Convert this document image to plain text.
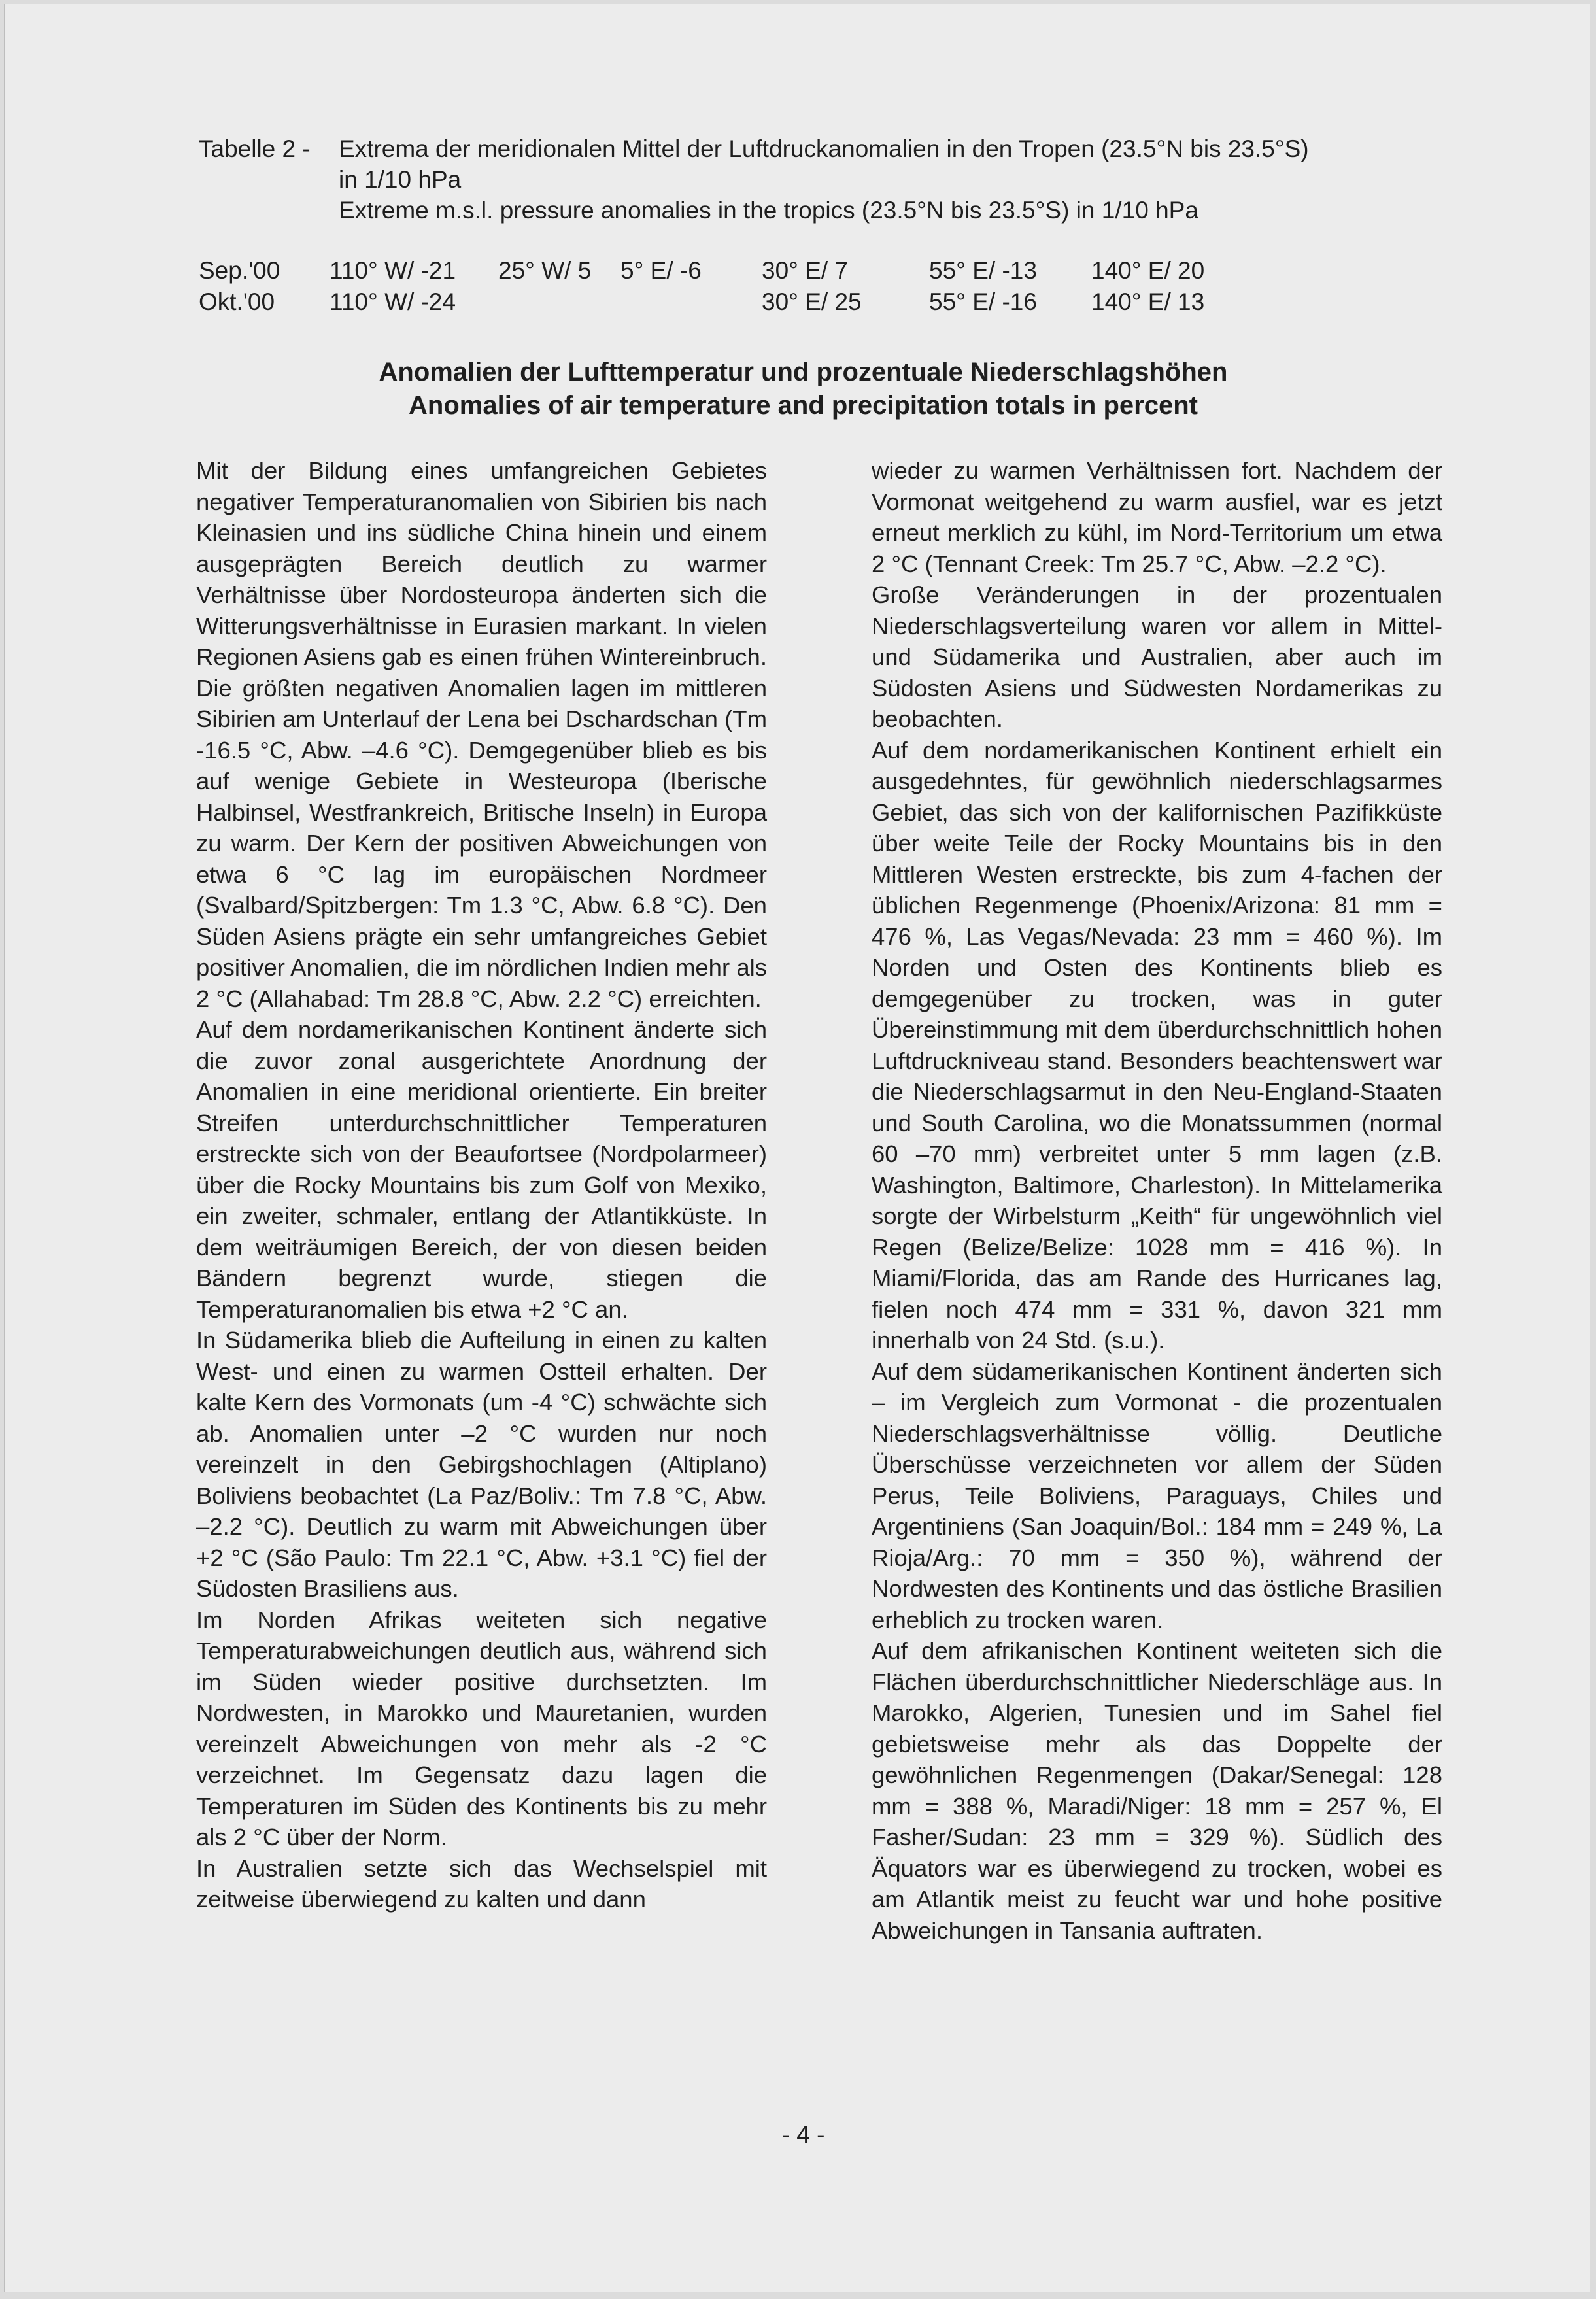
Tabelle 2 -	Extrema der meridionalen Mittel der Luftdruckanomalien in den Tropen (23.5°N bis 23.5°S)
in 1/10 hPa
Extreme m.s.l. pressure anomalies in the tropics (23.5°N bis 23.5°S) in 1/10 hPa
Sep.'00	110° W/ -21	25° W/ 5	5° E/ -6	30° E/ 7	55° E/ -13	140° E/ 20
Okt.'00	110° W/ -24			30° E/ 25	55° E/ -16	140° E/ 13
Anomalien der Lufttemperatur und prozentuale Niederschlagshöhen
Anomalies of air temperature and precipitation totals in percent

Mit der Bildung eines umfangreichen Gebietes negativer Temperaturanomalien von Sibirien bis nach Kleinasien und ins südliche China hinein und einem ausgeprägten Bereich deutlich zu warmer Verhältnisse über Nordosteuropa änderten sich die Witterungsverhältnisse in Eurasien markant. In vielen Regionen Asiens gab es einen frühen Wintereinbruch. Die größten negativen Anomalien lagen im mittleren Sibirien am Unterlauf der Lena bei Dschardschan (Tm -16.5 °C, Abw. –4.6 °C). Demgegenüber blieb es bis auf wenige Gebiete in Westeuropa (Iberische Halbinsel, Westfrankreich, Britische Inseln) in Europa zu warm. Der Kern der positiven Abweichungen von etwa 6 °C lag im europäischen Nordmeer (Svalbard/Spitzbergen: Tm 1.3 °C, Abw. 6.8 °C). Den Süden Asiens prägte ein sehr umfangreiches Gebiet positiver Anomalien, die im nördlichen Indien mehr als 2 °C (Allahabad: Tm 28.8 °C, Abw. 2.2 °C) erreichten.

Auf dem nordamerikanischen Kontinent änderte sich die zuvor zonal ausgerichtete Anordnung der Anomalien in eine meridional orientierte. Ein breiter Streifen unterdurchschnittlicher Temperaturen erstreckte sich von der Beaufortsee (Nordpolarmeer) über die Rocky Mountains bis zum Golf von Mexiko, ein zweiter, schmaler, entlang der Atlantikküste. In dem weiträumigen Bereich, der von diesen beiden Bändern begrenzt wurde, stiegen die Temperaturanomalien bis etwa +2 °C an.

In Südamerika blieb die Aufteilung in einen zu kalten West- und einen zu warmen Ostteil erhalten. Der kalte Kern des Vormonats (um -4 °C) schwächte sich ab. Anomalien unter –2 °C wurden nur noch vereinzelt in den Gebirgshochlagen (Altiplano) Boliviens beobachtet (La Paz/Boliv.: Tm 7.8 °C, Abw. –2.2 °C). Deutlich zu warm mit Abweichungen über +2 °C (São Paulo: Tm 22.1 °C, Abw. +3.1 °C) fiel der Südosten Brasiliens aus.

Im Norden Afrikas weiteten sich negative Temperaturabweichungen deutlich aus, während sich im Süden wieder positive durchsetzten. Im Nordwesten, in Marokko und Mauretanien, wurden vereinzelt Abweichungen von mehr als -2 °C verzeichnet. Im Gegensatz dazu lagen die Temperaturen im Süden des Kontinents bis zu mehr als 2 °C über der Norm.

In Australien setzte sich das Wechselspiel mit zeitweise überwiegend zu kalten und dann

wieder zu warmen Verhältnissen fort. Nachdem der Vormonat weitgehend zu warm ausfiel, war es jetzt erneut merklich zu kühl, im Nord-Territorium um etwa 2 °C (Tennant Creek: Tm 25.7 °C, Abw. –2.2 °C).

Große Veränderungen in der prozentualen Niederschlagsverteilung waren vor allem in Mittel- und Südamerika und Australien, aber auch im Südosten Asiens und Südwesten Nordamerikas zu beobachten.

Auf dem nordamerikanischen Kontinent erhielt ein ausgedehntes, für gewöhnlich niederschlagsarmes Gebiet, das sich von der kalifornischen Pazifikküste über weite Teile der Rocky Mountains bis in den Mittleren Westen erstreckte, bis zum 4-fachen der üblichen Regenmenge (Phoenix/Arizona: 81 mm = 476 %, Las Vegas/Nevada: 23 mm = 460 %). Im Norden und Osten des Kontinents blieb es demgegenüber zu trocken, was in guter Übereinstimmung mit dem überdurchschnittlich hohen Luftdruckniveau stand. Besonders beachtenswert war die Niederschlagsarmut in den Neu-England-Staaten und South Carolina, wo die Monatssummen (normal 60 –70 mm) verbreitet unter 5 mm lagen (z.B. Washington, Baltimore, Charleston). In Mittelamerika sorgte der Wirbelsturm „Keith“ für ungewöhnlich viel Regen (Belize/Belize: 1028 mm = 416 %). In Miami/Florida, das am Rande des Hurricanes lag, fielen noch 474 mm = 331 %, davon 321 mm innerhalb von 24 Std. (s.u.).

Auf dem südamerikanischen Kontinent änderten sich – im Vergleich zum Vormonat - die prozentualen Niederschlagsverhältnisse völlig. Deutliche Überschüsse verzeichneten vor allem der Süden Perus, Teile Boliviens, Paraguays, Chiles und Argentiniens (San Joaquin/Bol.: 184 mm = 249 %, La Rioja/Arg.: 70 mm = 350 %), während der Nordwesten des Kontinents und das östliche Brasilien erheblich zu trocken waren.

Auf dem afrikanischen Kontinent weiteten sich die Flächen überdurchschnittlicher Niederschläge aus. In Marokko, Algerien, Tunesien und im Sahel fiel gebietsweise mehr als das Doppelte der gewöhnlichen Regenmengen (Dakar/Senegal: 128 mm = 388 %, Maradi/Niger: 18 mm = 257 %, El Fasher/Sudan: 23 mm = 329 %). Südlich des Äquators war es überwiegend zu trocken, wobei es am Atlantik meist zu feucht war und hohe positive Abweichungen in Tansania auftraten.

- 4 -
